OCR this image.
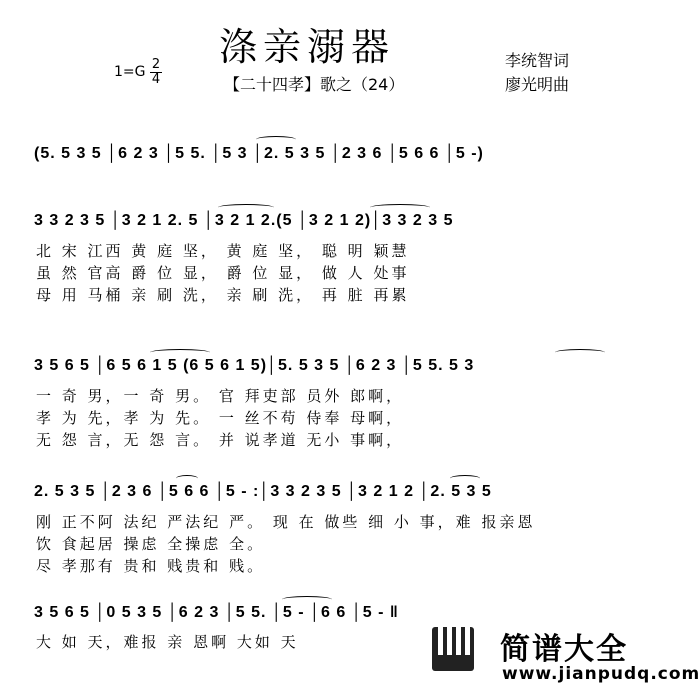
涤亲溺器
1=G 2
4	【二十四孝】歌之（24）
李统智词
廖光明曲
(5. 5 3 5 │6 2 3 │5 5. │5 3 │2. 5 3 5 │2 3 6 │5 6 6 │5 -)
3 3 2 3 5 │3 2 1 2. 5 │3 2 1 2.(5 │3 2 1 2)│3 3 2 3 5
北 宋 江西 黄 庭 坚， 黄 庭 坚， 聪 明 颖慧
虽 然 官高 爵 位 显， 爵 位 显， 做 人 处事
母 用 马桶 亲 刷 洗， 亲 刷 洗， 再 脏 再累
3 5 6 5 │6 5 6 1 5 (6 5 6 1 5)│5. 5 3 5 │6 2 3 │5 5. 5 3
一 奇 男，一 奇 男。 官 拜吏部 员外 郎啊，
孝 为 先，孝 为 先。 一 丝不苟 侍奉 母啊，
无 怨 言，无 怨 言。 并 说孝道 无小 事啊，
2. 5 3 5 │2 3 6 │5 6 6 │5 - :│3 3 2 3 5 │3 2 1 2 │2. 5 3 5
刚 正不阿 法纪 严法纪 严。 现 在 做些 细 小 事，难 报亲恩
饮 食起居 操虑 全操虑 全。
尽 孝那有 贵和 贱贵和 贱。
3 5 6 5 │0 5 3 5 │6 2 3 │5 5. │5 - │6 6 │5 - ‖
大 如 天，难报 亲 恩啊 大如 天	简谱大全
www.jianpudq.com
